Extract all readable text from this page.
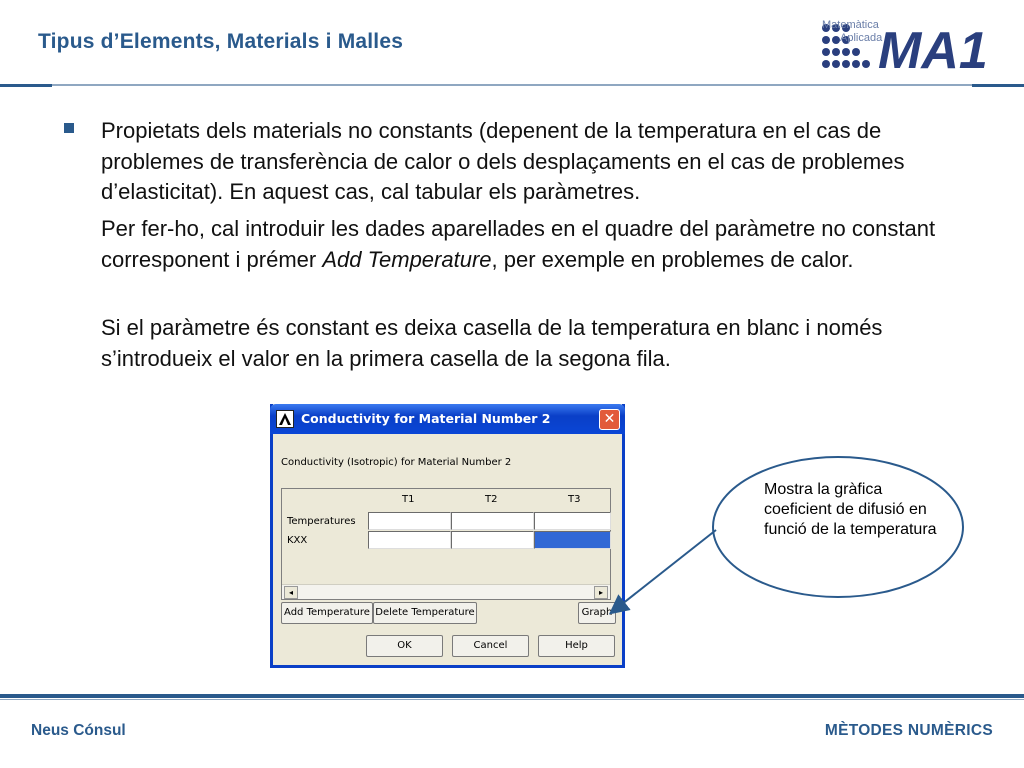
Tipus d’Elements, Materials i Malles
Matemàtica
Aplicada
MA1
Propietats dels materials no constants (depenent de la temperatura en el cas de problemes de transferència de calor o dels desplaçaments en el cas de problemes d’elasticitat). En aquest cas, cal tabular els paràmetres.
Per fer-ho, cal introduir les dades aparellades en el quadre del paràmetre no constant corresponent i prémer Add Temperature, per exemple en problemes de calor.
Si el paràmetre és constant es deixa casella de la temperatura en blanc i només s’introdueix el valor en la primera casella de la segona fila.
Conductivity for Material Number 2	✕
Conductivity (Isotropic) for Material Number 2
T1	T2	T3
Temperatures
KXX
◂	▸
Add Temperature Delete Temperature	Graph
OK	Cancel	Help
Mostra la gràfica coeficient de difusió en funció de la temperatura
Neus Cónsul	MÈTODES NUMÈRICS
